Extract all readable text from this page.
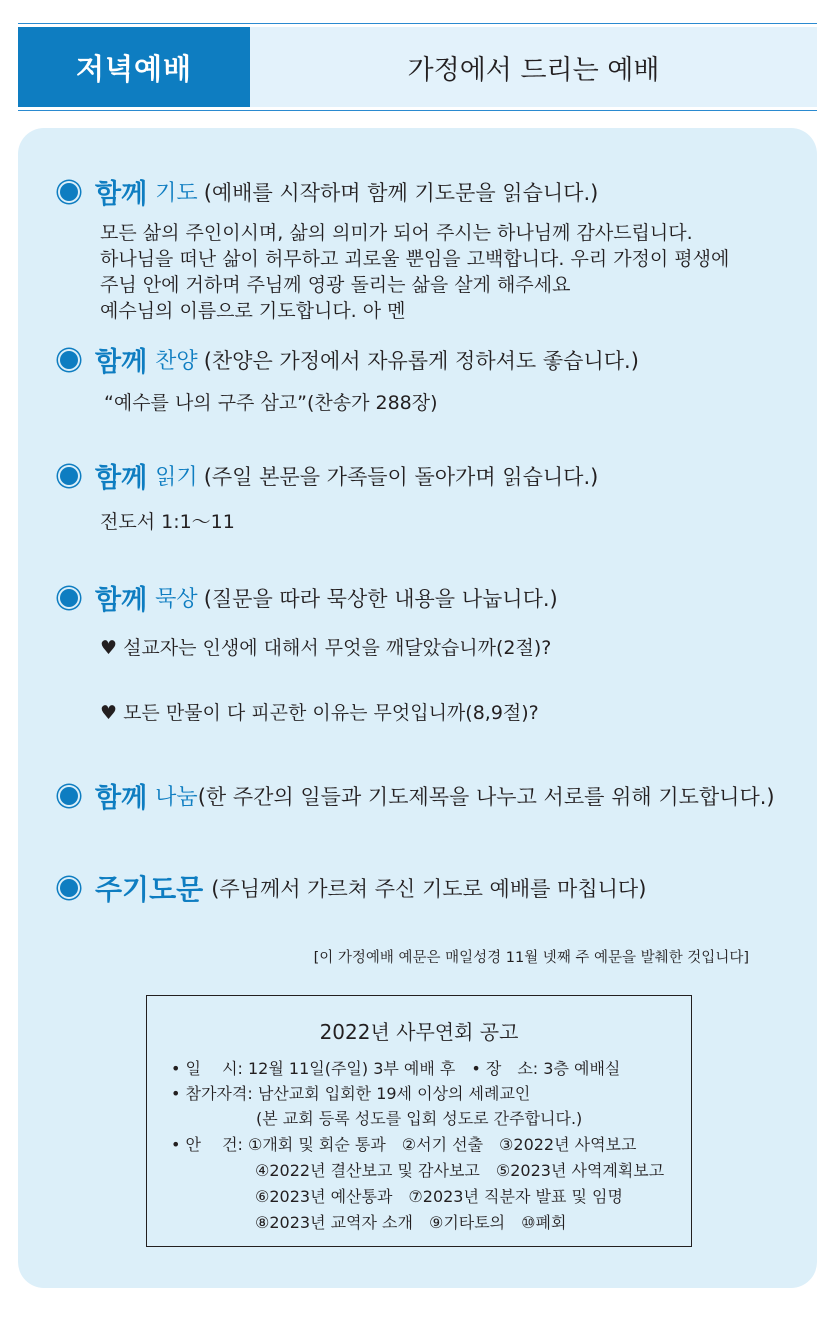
저녁예배	가정에서 드리는 예배
함께 기도 (예배를 시작하며 함께 기도문을 읽습니다.)
모든 삶의 주인이시며, 삶의 의미가 되어 주시는 하나님께 감사드립니다.
하나님을 떠난 삶이 허무하고 괴로울 뿐임을 고백합니다. 우리 가정이 평생에
주님 안에 거하며 주님께 영광 돌리는 삶을 살게 해주세요
예수님의 이름으로 기도합니다. 아 멘
함께 찬양 (찬양은 가정에서 자유롭게 정하셔도 좋습니다.)
“예수를 나의 구주 삼고”(찬송가 288장)
함께 읽기 (주일 본문을 가족들이 돌아가며 읽습니다.)
전도서 1:1～11
함께 묵상 (질문을 따라 묵상한 내용을 나눕니다.)
♥ 설교자는 인생에 대해서 무엇을 깨달았습니까(2절)?
♥ 모든 만물이 다 피곤한 이유는 무엇입니까(8,9절)?
함께 나눔 (한 주간의 일들과 기도제목을 나누고 서로를 위해 기도합니다.)
주기도문 (주님께서 가르쳐 주신 기도로 예배를 마칩니다)
[이 가정예배 예문은 매일성경 11월 넷째 주 예문을 발췌한 것입니다]
2022년 사무연회 공고
• 일　 시: 12월 11일(주일) 3부 예배 후　• 장　소: 3층 예배실
• 참가자격: 남산교회 입회한 19세 이상의 세례교인
(본 교회 등록 성도를 입회 성도로 간주합니다.)
• 안　 건: ①개회 및 회순 통과　②서기 선출　③2022년 사역보고
④2022년 결산보고 및 감사보고　⑤2023년 사역계획보고
⑥2023년 예산통과　⑦2023년 직분자 발표 및 임명
⑧2023년 교역자 소개　⑨기타토의　⑩폐회
